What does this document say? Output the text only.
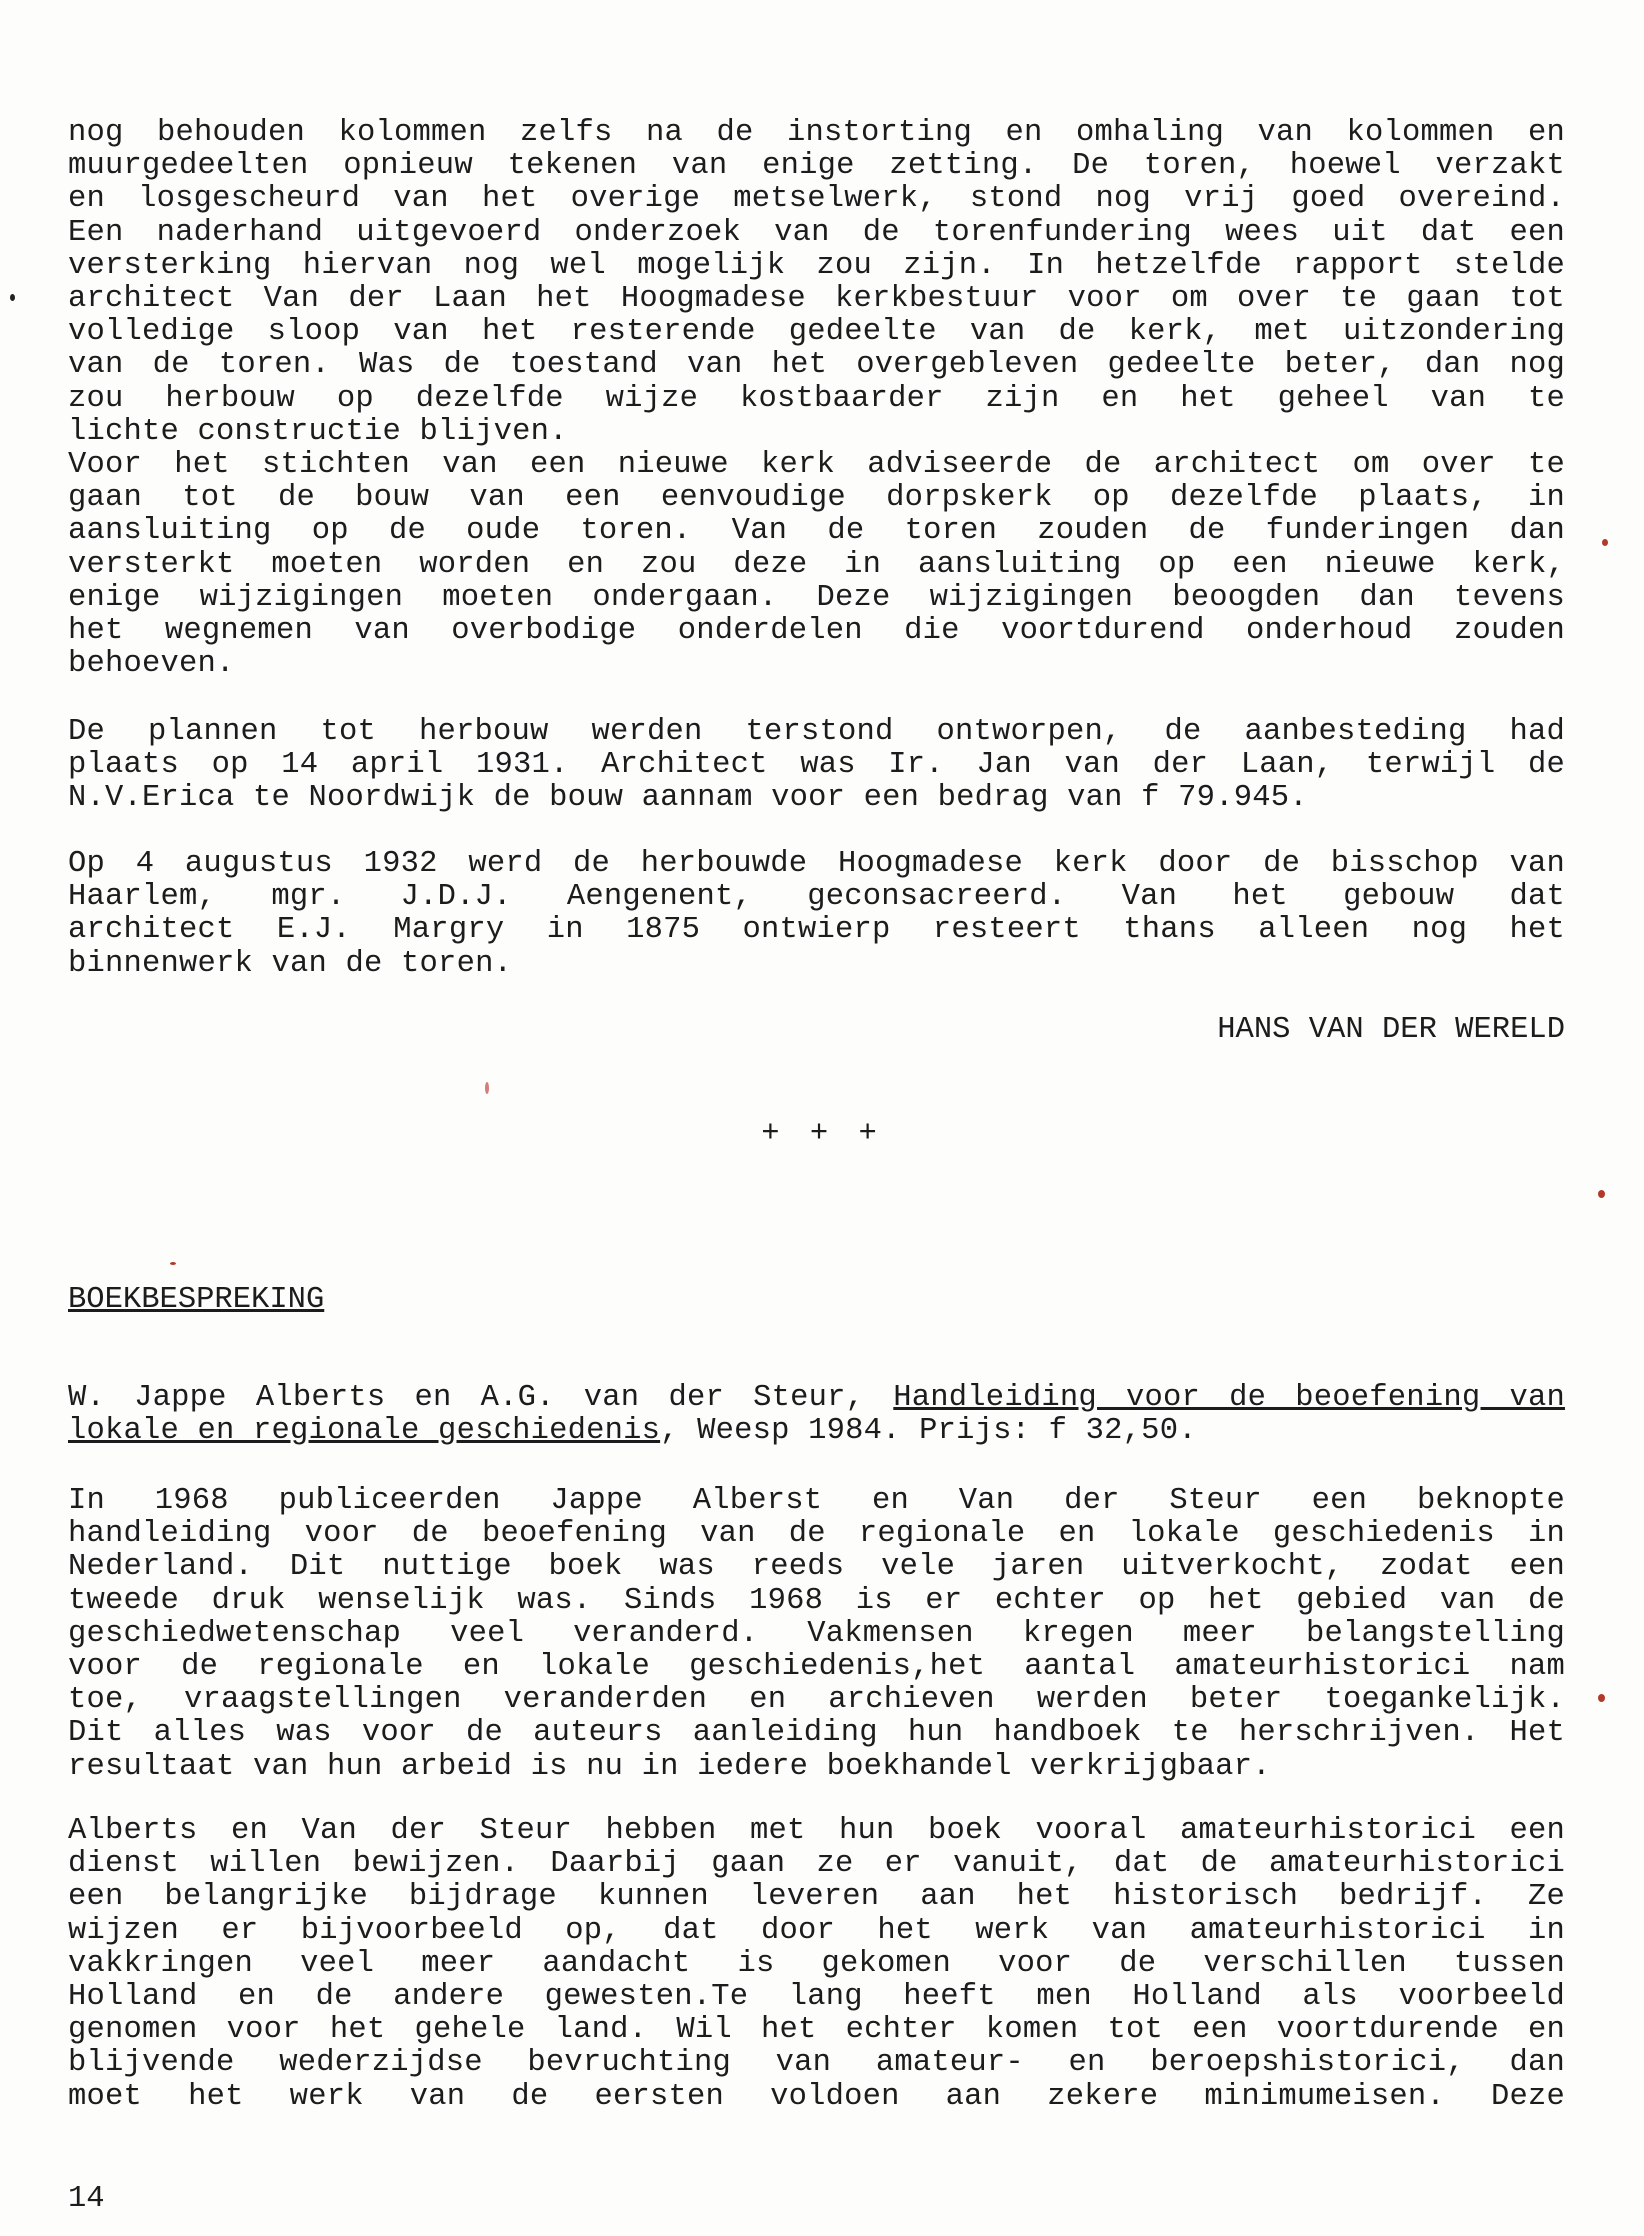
nog behouden kolommen zelfs na de instorting en omhaling van kolommen en
muurgedeelten opnieuw tekenen van enige zetting. De toren, hoewel verzakt
en losgescheurd van het overige metselwerk, stond nog vrij goed overeind.
Een naderhand uitgevoerd onderzoek van de torenfundering wees uit dat een
versterking hiervan nog wel mogelijk zou zijn. In hetzelfde rapport stelde
architect Van der Laan het Hoogmadese kerkbestuur voor om over te gaan tot
volledige sloop van het resterende gedeelte van de kerk, met uitzondering
van de toren. Was de toestand van het overgebleven gedeelte beter, dan nog
zou herbouw op dezelfde wijze kostbaarder zijn en het geheel van te
lichte constructie blijven.
Voor het stichten van een nieuwe kerk adviseerde de architect om over te
gaan tot de bouw van een eenvoudige dorpskerk op dezelfde plaats, in
aansluiting op de oude toren. Van de toren zouden de funderingen dan
versterkt moeten worden en zou deze in aansluiting op een nieuwe kerk,
enige wijzigingen moeten ondergaan. Deze wijzigingen beoogden dan tevens
het wegnemen van overbodige onderdelen die voortdurend onderhoud zouden
behoeven.
De plannen tot herbouw werden terstond ontworpen, de aanbesteding had
plaats op 14 april 1931. Architect was Ir. Jan van der Laan, terwijl de
N.V.Erica te Noordwijk de bouw aannam voor een bedrag van f 79.945.
Op 4 augustus 1932 werd de herbouwde Hoogmadese kerk door de bisschop van
Haarlem, mgr. J.D.J. Aengenent, geconsacreerd. Van het gebouw dat
architect E.J. Margry in 1875 ontwierp resteert thans alleen nog het
binnenwerk van de toren.
HANS VAN DER WERELD
+ + +
BOEKBESPREKING
W. Jappe Alberts en A.G. van der Steur, Handleiding voor de beoefening van
lokale en regionale geschiedenis, Weesp 1984. Prijs: f 32,50.
In 1968 publiceerden Jappe Alberst en Van der Steur een beknopte
handleiding voor de beoefening van de regionale en lokale geschiedenis in
Nederland. Dit nuttige boek was reeds vele jaren uitverkocht, zodat een
tweede druk wenselijk was. Sinds 1968 is er echter op het gebied van de
geschiedwetenschap veel veranderd. Vakmensen kregen meer belangstelling
voor de regionale en lokale geschiedenis,het aantal amateurhistorici nam
toe, vraagstellingen veranderden en archieven werden beter toegankelijk.
Dit alles was voor de auteurs aanleiding hun handboek te herschrijven. Het
resultaat van hun arbeid is nu in iedere boekhandel verkrijgbaar.
Alberts en Van der Steur hebben met hun boek vooral amateurhistorici een
dienst willen bewijzen. Daarbij gaan ze er vanuit, dat de amateurhistorici
een belangrijke bijdrage kunnen leveren aan het historisch bedrijf. Ze
wijzen er bijvoorbeeld op, dat door het werk van amateurhistorici in
vakkringen veel meer aandacht is gekomen voor de verschillen tussen
Holland en de andere gewesten.Te lang heeft men Holland als voorbeeld
genomen voor het gehele land. Wil het echter komen tot een voortdurende en
blijvende wederzijdse bevruchting van amateur- en beroepshistorici, dan
moet het werk van de eersten voldoen aan zekere minimumeisen. Deze
14
